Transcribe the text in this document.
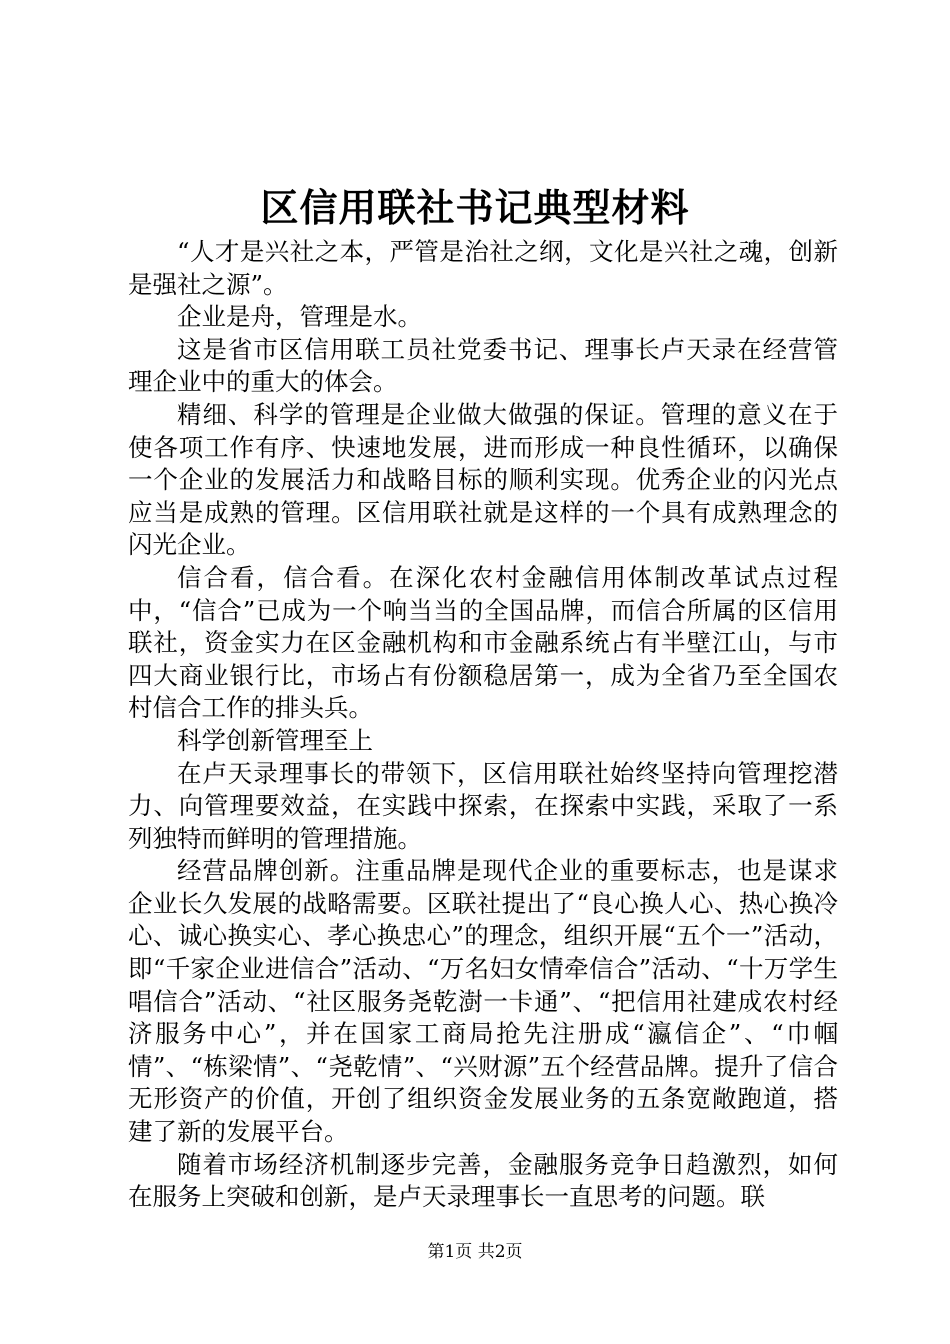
区信用联社书记典型材料

“人才是兴社之本，严管是治社之纲，文化是兴社之魂，创新是强社之源”。

企业是舟，管理是水。

这是省市区信用联工员社党委书记、理事长卢天录在经营管理企业中的重大的体会。

精细、科学的管理是企业做大做强的保证。管理的意义在于使各项工作有序、快速地发展，进而形成一种良性循环，以确保一个企业的发展活力和战略目标的顺利实现。优秀企业的闪光点应当是成熟的管理。区信用联社就是这样的一个具有成熟理念的闪光企业。

信合看，信合看。在深化农村金融信用体制改革试点过程中，“信合”已成为一个响当当的全国品牌，而信合所属的区信用联社，资金实力在区金融机构和市金融系统占有半壁江山，与市四大商业银行比，市场占有份额稳居第一，成为全省乃至全国农村信合工作的排头兵。

科学创新管理至上

在卢天录理事长的带领下，区信用联社始终坚持向管理挖潜力、向管理要效益，在实践中探索，在探索中实践，采取了一系列独特而鲜明的管理措施。

经营品牌创新。注重品牌是现代企业的重要标志，也是谋求企业长久发展的战略需要。区联社提出了“良心换人心、热心换冷心、诚心换实心、孝心换忠心”的理念，组织开展“五个一”活动，即“千家企业进信合”活动、“万名妇女情牵信合”活动、“十万学生唱信合”活动、“社区服务尧乾澍一卡通”、“把信用社建成农村经济服务中心”，并在国家工商局抢先注册成“瀛信企”、“巾帼情”、“栋梁情”、“尧乾情”、“兴财源”五个经营品牌。提升了信合无形资产的价值，开创了组织资金发展业务的五条宽敞跑道，搭建了新的发展平台。

随着市场经济机制逐步完善，金融服务竞争日趋激烈，如何在服务上突破和创新，是卢天录理事长一直思考的问题。联

第1页 共2页
